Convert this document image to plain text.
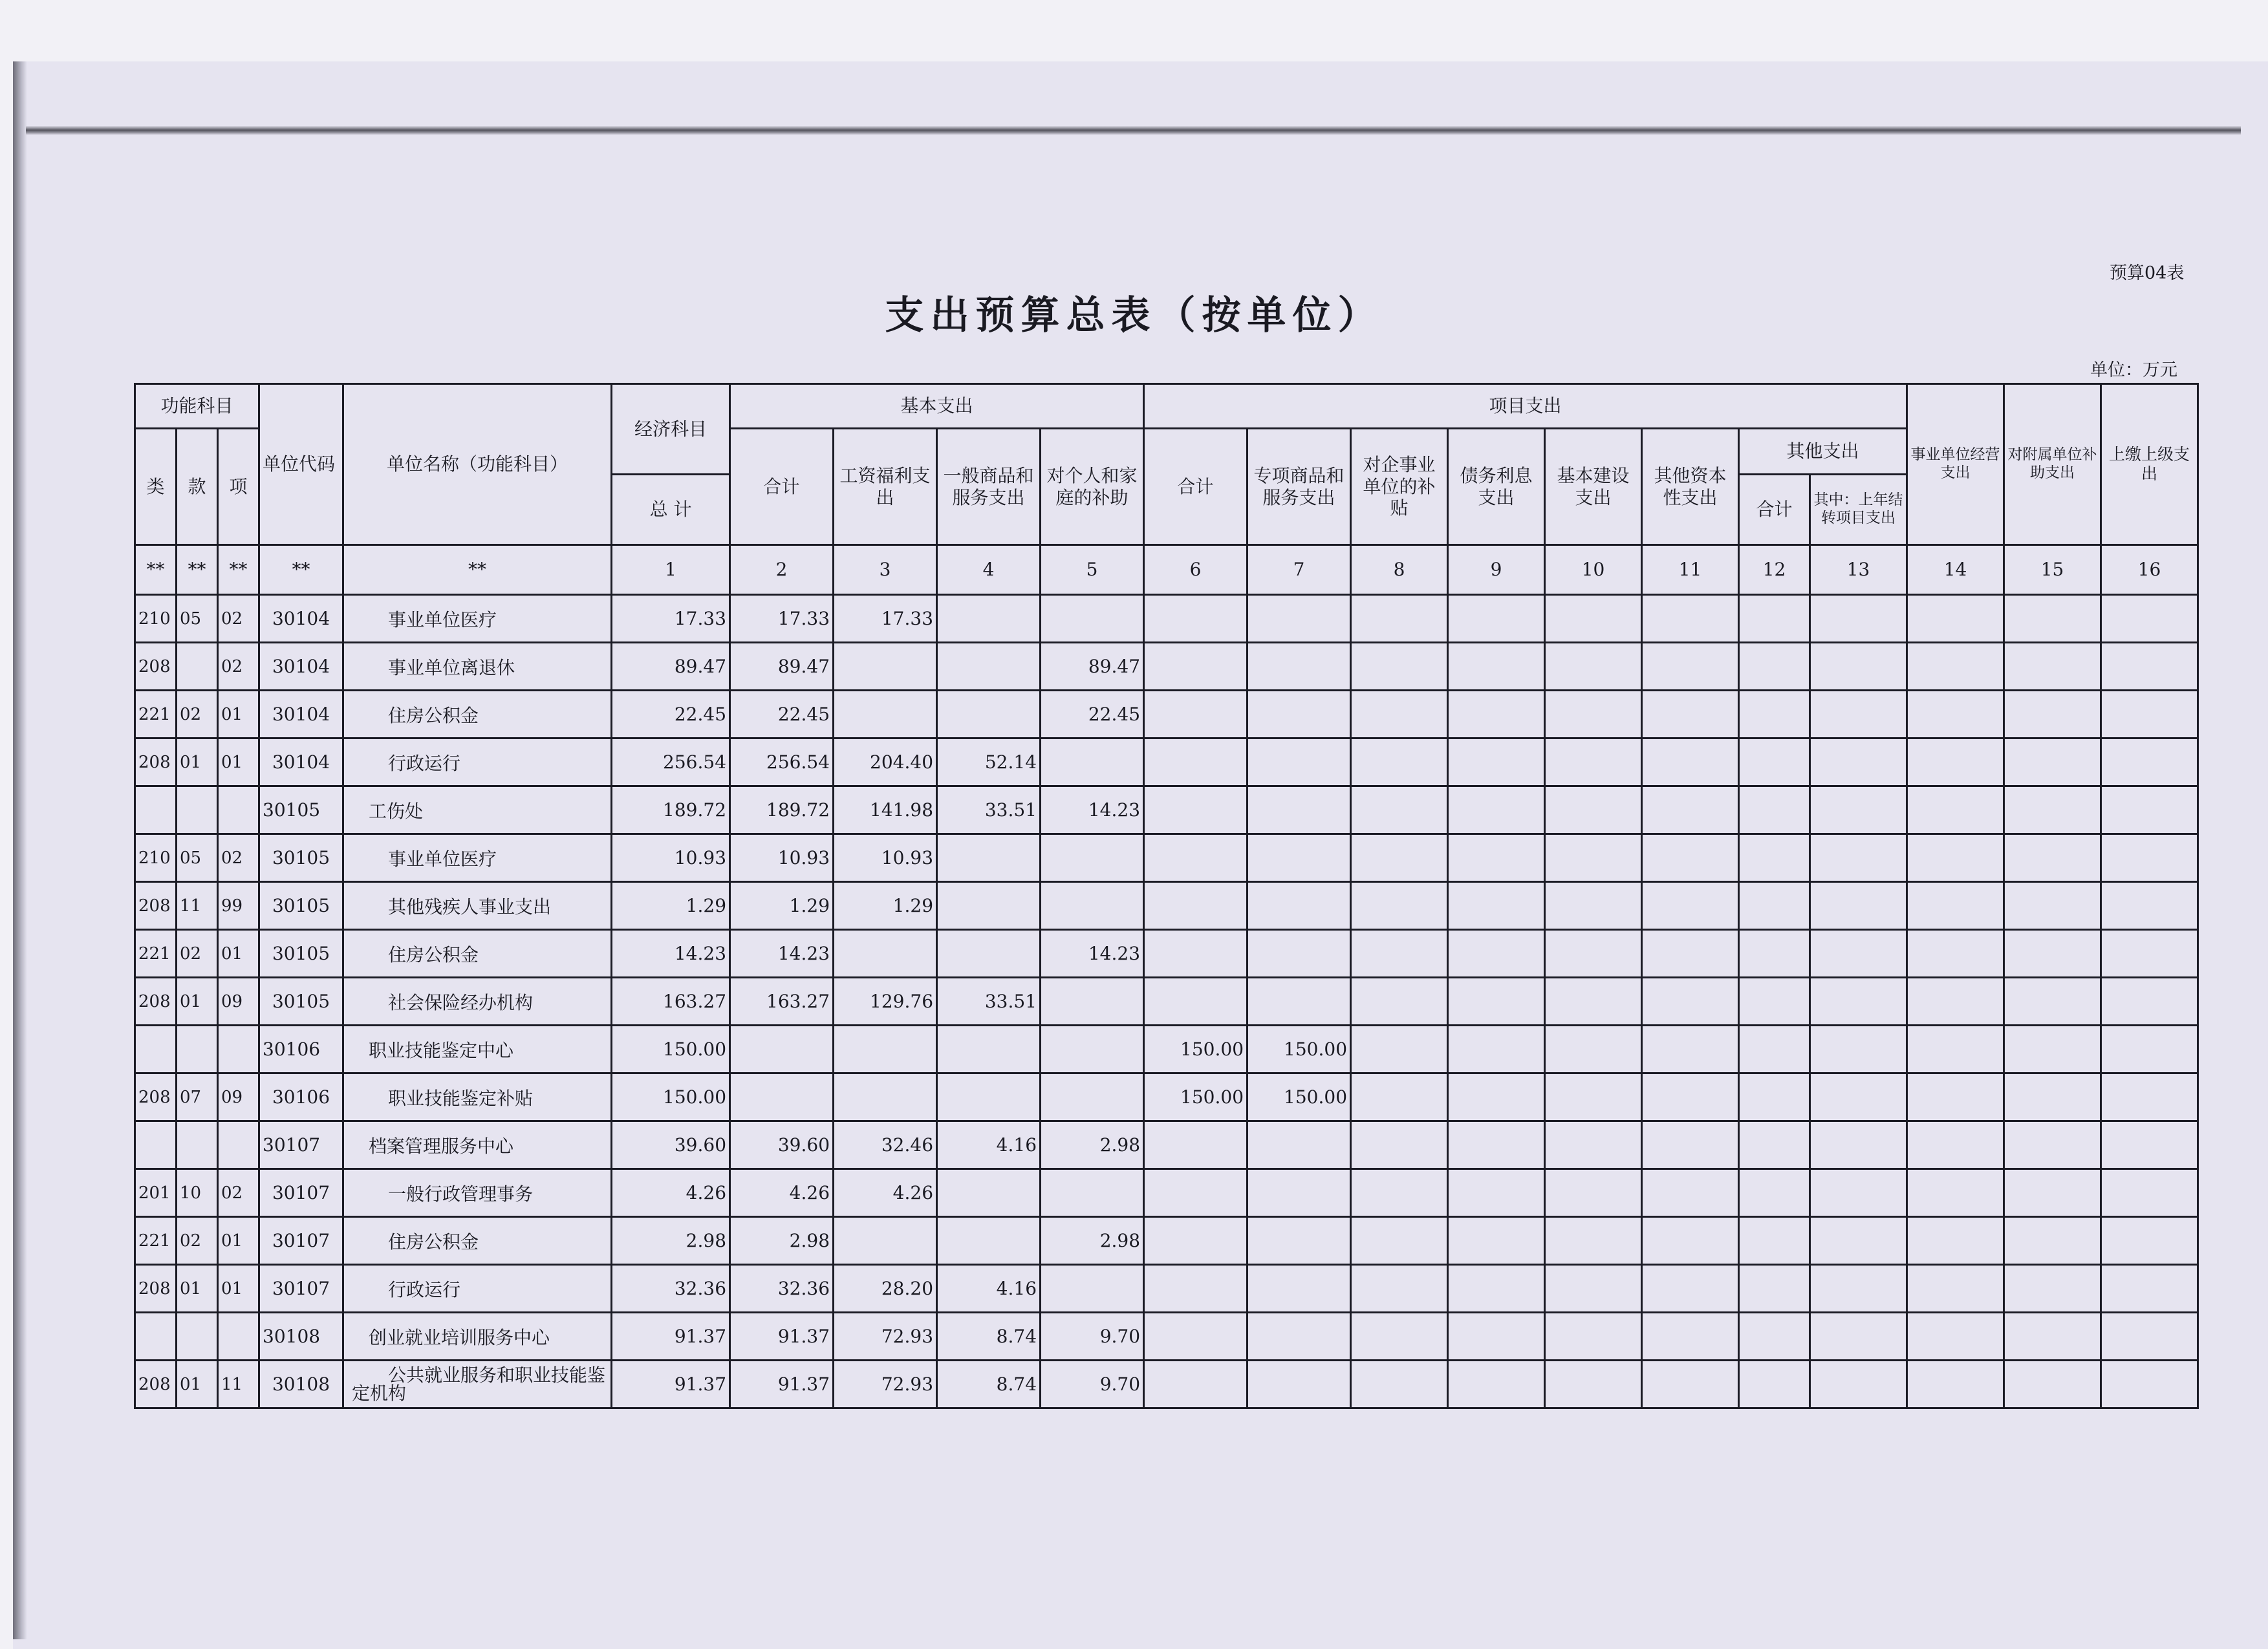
预算04表
支出预算总表（按单位）
单位：万元
功能科目			单位代码	单位名称（功能科目）	经济科目	基本支出				项目支出								事业单位经营支出	对附属单位补助支出	上缴上级支出
类	款	项				合计	工资福利支出	一般商品和服务支出	对个人和家庭的补助	合计	专项商品和服务支出	对企事业单位的补贴	债务利息支出	基本建设支出	其他资本性支出	其他支出				
					总 计											合计	其中：上年结转项目支出			
**	**	**	**	**	1	2	3	4	5	6	7	8	9	10	11	12	13	14	15	16
210	05	02	30104	事业单位医疗	17.33	17.33	17.33													
208		02	30104	事业单位离退休	89.47	89.47			89.47											
221	02	01	30104	住房公积金	22.45	22.45			22.45											
208	01	01	30104	行政运行	256.54	256.54	204.40	52.14												
			30105	工伤处	189.72	189.72	141.98	33.51	14.23											
210	05	02	30105	事业单位医疗	10.93	10.93	10.93													
208	11	99	30105	其他残疾人事业支出	1.29	1.29	1.29													
221	02	01	30105	住房公积金	14.23	14.23			14.23											
208	01	09	30105	社会保险经办机构	163.27	163.27	129.76	33.51												
			30106	职业技能鉴定中心	150.00					150.00	150.00									
208	07	09	30106	职业技能鉴定补贴	150.00					150.00	150.00									
			30107	档案管理服务中心	39.60	39.60	32.46	4.16	2.98											
201	10	02	30107	一般行政管理事务	4.26	4.26	4.26													
221	02	01	30107	住房公积金	2.98	2.98			2.98											
208	01	01	30107	行政运行	32.36	32.36	28.20	4.16												
			30108	创业就业培训服务中心	91.37	91.37	72.93	8.74	9.70											
208	01	11	30108	公共就业服务和职业技能鉴定机构	91.37	91.37	72.93	8.74	9.70											
